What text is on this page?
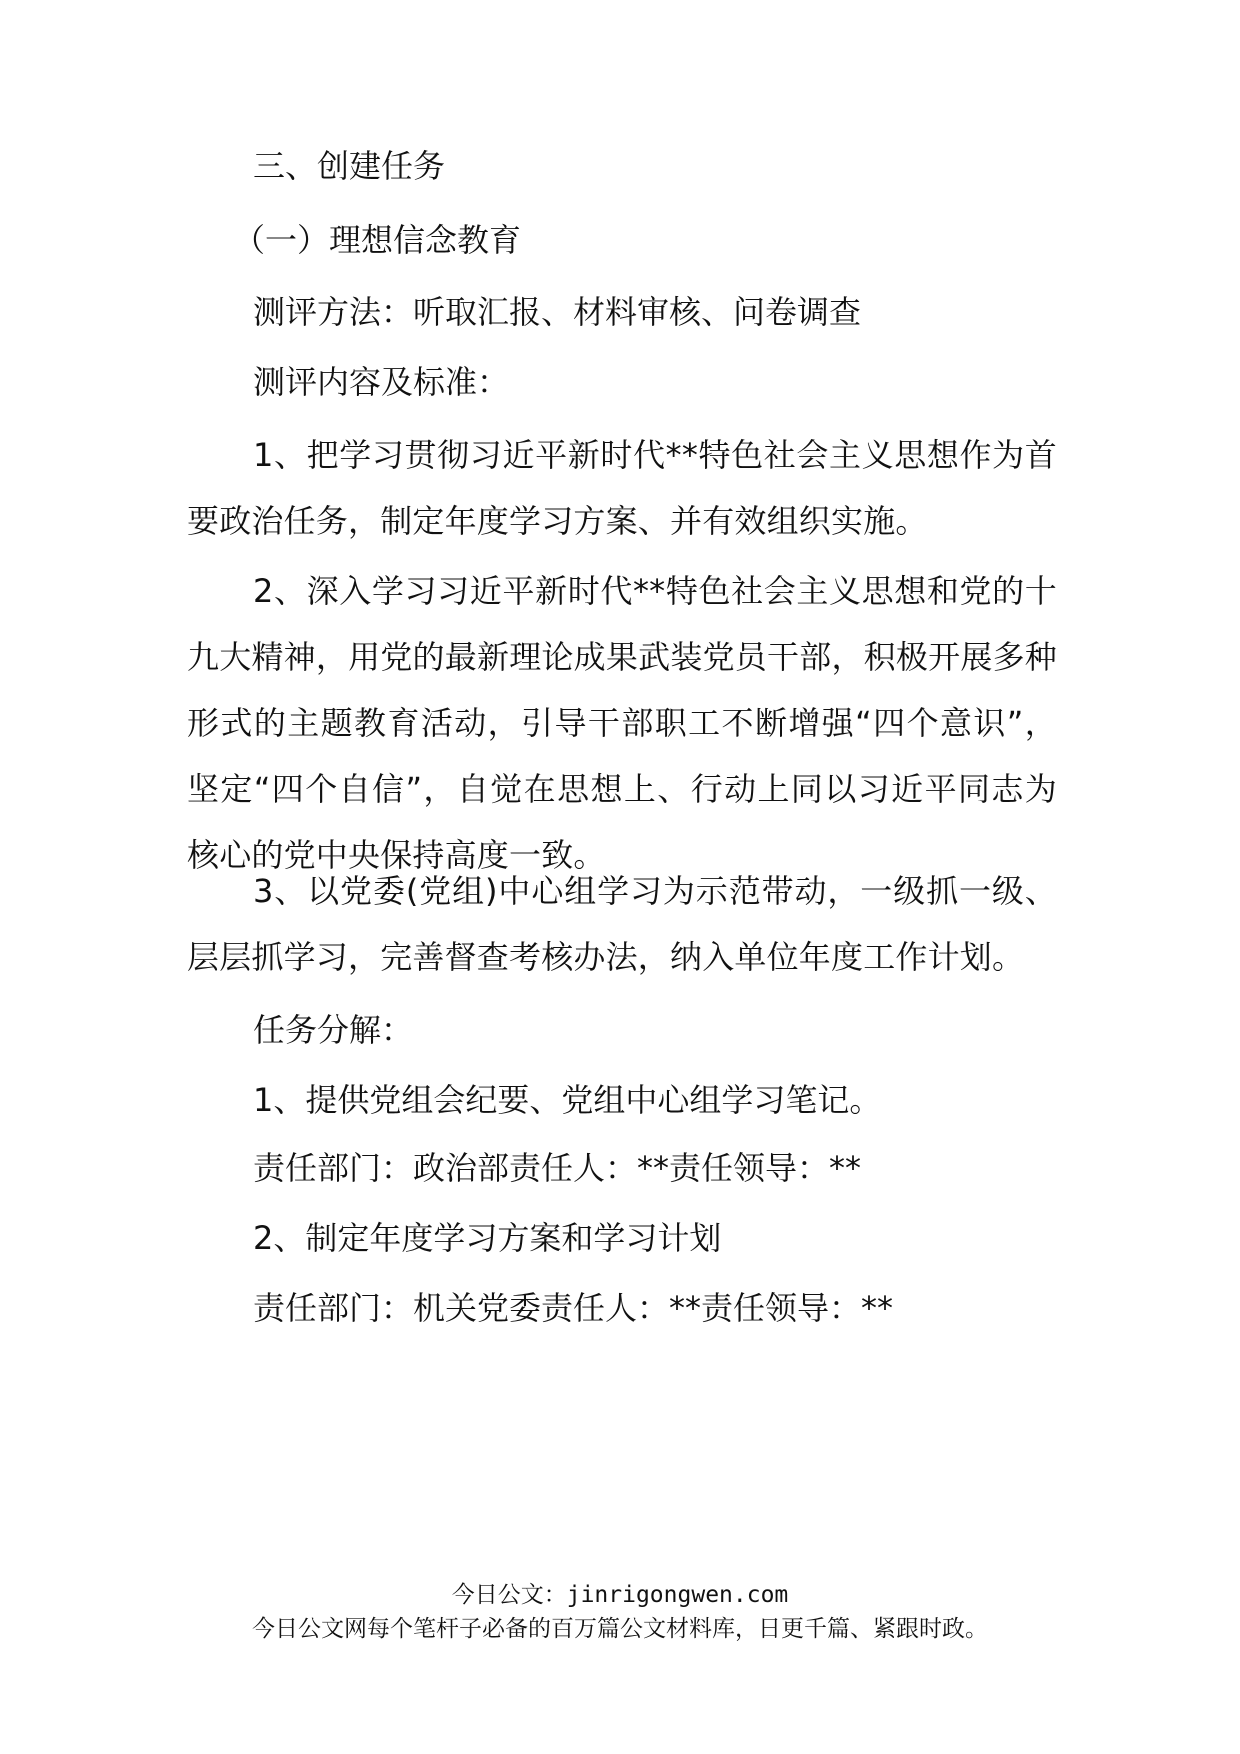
三、创建任务
（一）理想信念教育
测评方法：听取汇报、材料审核、问卷调查
测评内容及标准：

1、把学习贯彻习近平新时代**特色社会主义思想作为首要政治任务，制定年度学习方案、并有效组织实施。

2、深入学习习近平新时代**特色社会主义思想和党的十九大精神，用党的最新理论成果武装党员干部，积极开展多种形式的主题教育活动，引导干部职工不断增强“四个意识”，坚定“四个自信”，自觉在思想上、行动上同以习近平同志为核心的党中央保持高度一致。

3、以党委(党组)中心组学习为示范带动，一级抓一级、层层抓学习，完善督查考核办法，纳入单位年度工作计划。

任务分解：
1、提供党组会纪要、党组中心组学习笔记。
责任部门：政治部责任人：**责任领导：**
2、制定年度学习方案和学习计划
责任部门：机关党委责任人：**责任领导：**
今日公文：jinrigongwen.com
今日公文网每个笔杆子必备的百万篇公文材料库，日更千篇、紧跟时政。
